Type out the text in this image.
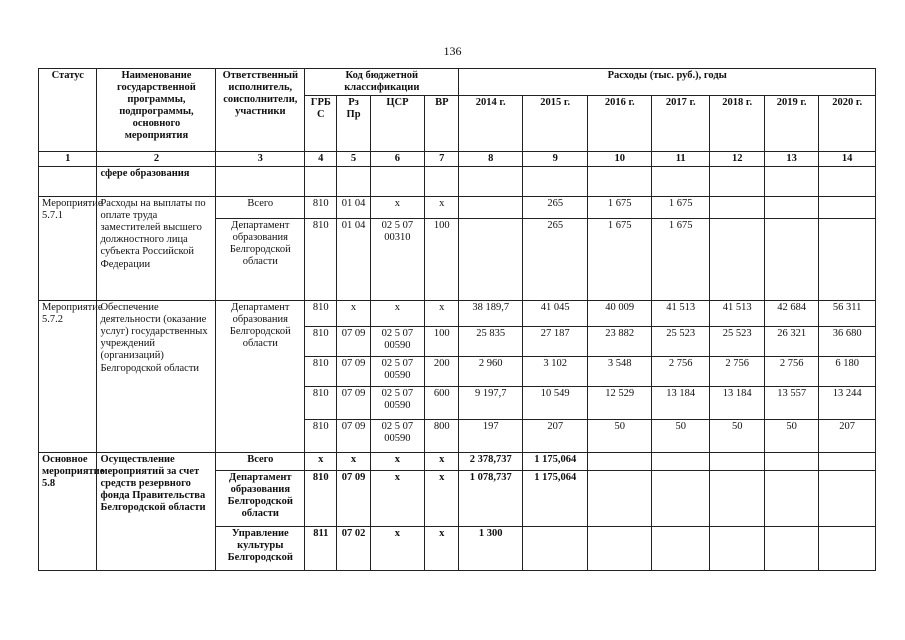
136
Статус	Наименование государственной программы, подпрограммы, основного мероприятия	Ответственный исполнитель, соисполнители, участники	Код бюджетной классификации				Расходы (тыс. руб.), годы						
			ГРБ С	Рз Пр	ЦСР	ВР	2014 г.	2015 г.	2016 г.	2017 г.	2018 г.	2019 г.	2020 г.
1	2	3	4	5	6	7	8	9	10	11	12	13	14
	сфере образования												
Мероприятие 5.7.1	Расходы на выплаты по оплате труда заместителей высшего должностного лица субъекта Российской Федерации	Всего	810	01 04	х	х		265	1 675	1 675			
		Департамент образования Белгородской области	810	01 04	02 5 07 00310	100		265	1 675	1 675			
Мероприятие 5.7.2	Обеспечение деятельности (оказание услуг) государственных учреждений (организаций) Белгородской области	Департамент образования Белгородской области	810	х	х	х	38 189,7	41 045	40 009	41 513	41 513	42 684	56 311
			810	07 09	02 5 07 00590	100	25 835	27 187	23 882	25 523	25 523	26 321	36 680
			810	07 09	02 5 07 00590	200	2 960	3 102	3 548	2 756	2 756	2 756	6 180
			810	07 09	02 5 07 00590	600	9 197,7	10 549	12 529	13 184	13 184	13 557	13 244
			810	07 09	02 5 07 00590	800	197	207	50	50	50	50	207
Основное мероприятие 5.8	Осуществление мероприятий за счет средств резервного фонда Правительства Белгородской области	Всего	х	х	х	х	2 378,737	1 175,064					
		Департамент образования Белгородской области	810	07 09	х	х	1 078,737	1 175,064					
		Управление культуры Белгородской	811	07 02	х	х	1 300						
